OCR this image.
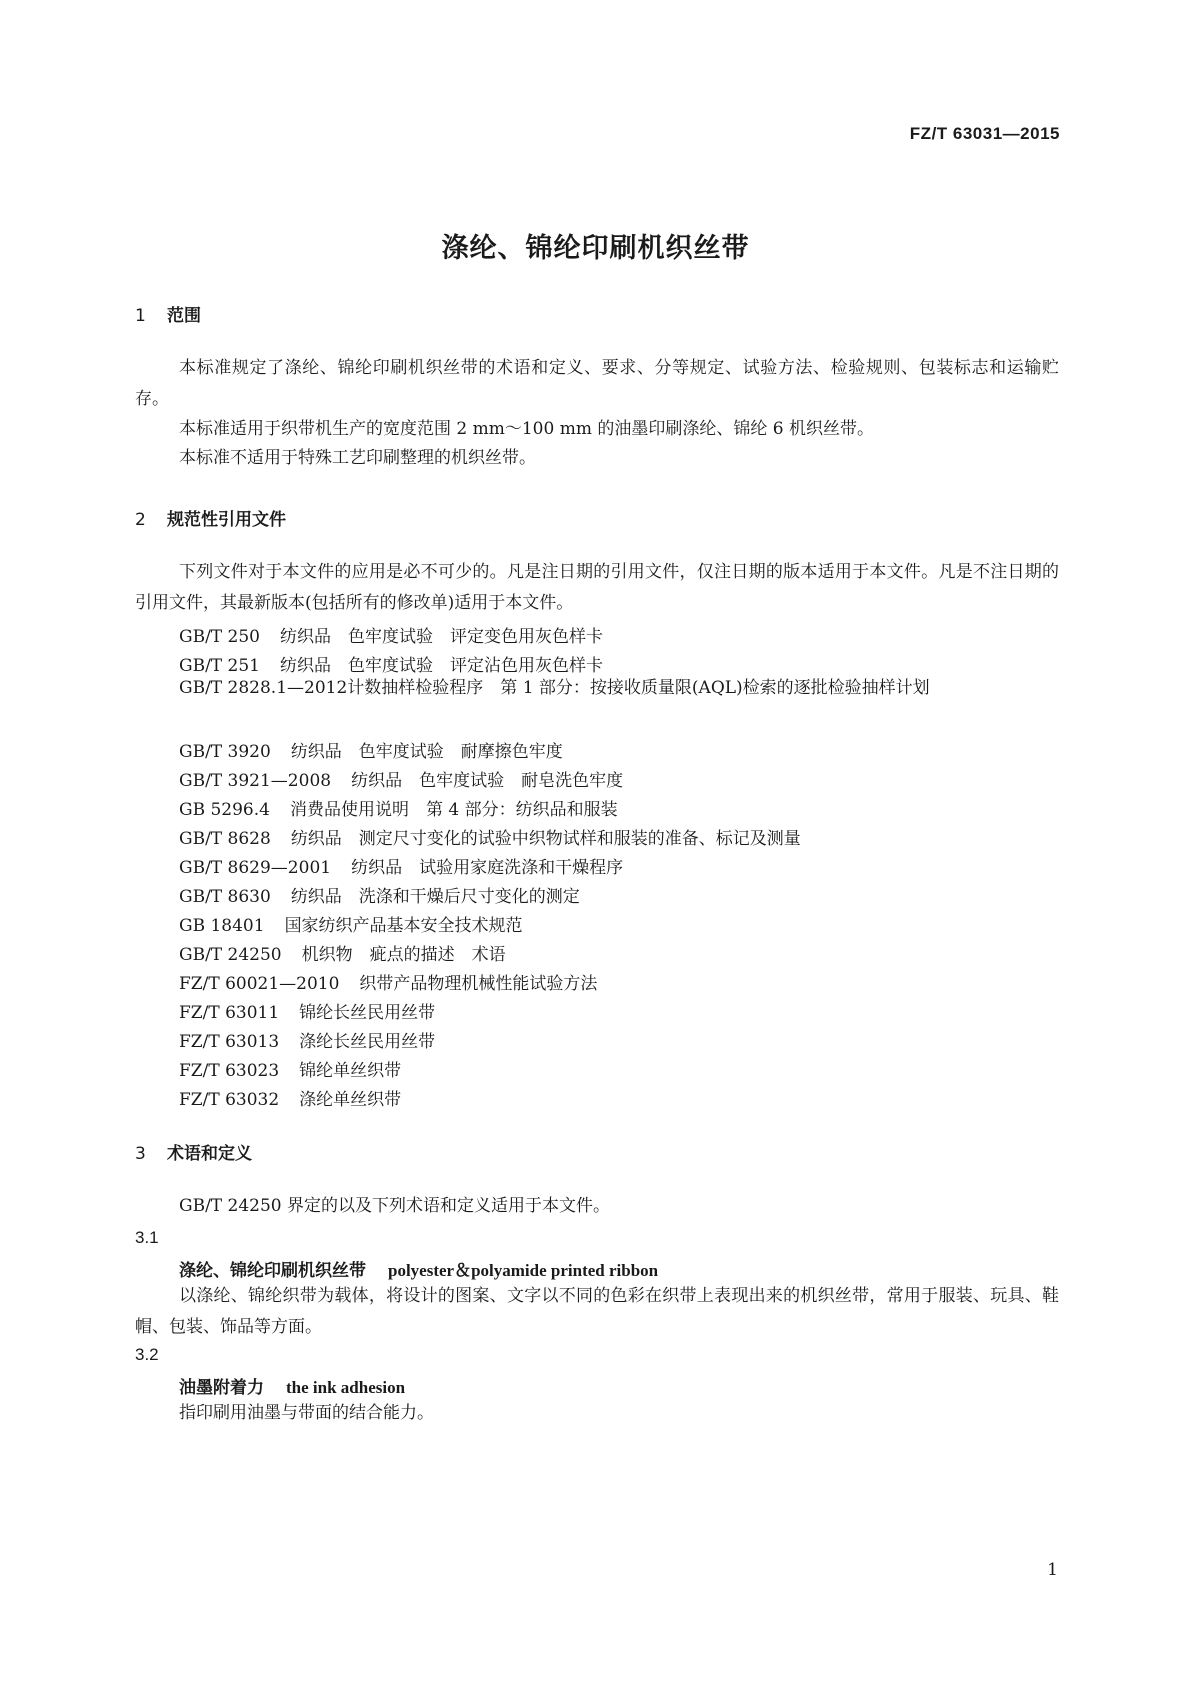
FZ/T 63031—2015
涤纶、锦纶印刷机织丝带
1 范围
本标准规定了涤纶、锦纶印刷机织丝带的术语和定义、要求、分等规定、试验方法、检验规则、包装标志和运输贮存。
本标准适用于织带机生产的宽度范围 2 mm～100 mm 的油墨印刷涤纶、锦纶 6 机织丝带。
本标准不适用于特殊工艺印刷整理的机织丝带。
2 规范性引用文件
下列文件对于本文件的应用是必不可少的。凡是注日期的引用文件，仅注日期的版本适用于本文件。凡是不注日期的引用文件，其最新版本(包括所有的修改单)适用于本文件。
GB/T 250 纺织品　色牢度试验　评定变色用灰色样卡
GB/T 251 纺织品　色牢度试验　评定沾色用灰色样卡
GB/T 2828.1—2012计数抽样检验程序　第 1 部分：按接收质量限(AQL)检索的逐批检验抽样计划
GB/T 3920 纺织品　色牢度试验　耐摩擦色牢度
GB/T 3921—2008 纺织品　色牢度试验　耐皂洗色牢度
GB 5296.4 消费品使用说明　第 4 部分：纺织品和服装
GB/T 8628 纺织品　测定尺寸变化的试验中织物试样和服装的准备、标记及测量
GB/T 8629—2001 纺织品　试验用家庭洗涤和干燥程序
GB/T 8630 纺织品　洗涤和干燥后尺寸变化的测定
GB 18401 国家纺织产品基本安全技术规范
GB/T 24250 机织物　疵点的描述　术语
FZ/T 60021—2010 织带产品物理机械性能试验方法
FZ/T 63011 锦纶长丝民用丝带
FZ/T 63013 涤纶长丝民用丝带
FZ/T 63023 锦纶单丝织带
FZ/T 63032 涤纶单丝织带
3 术语和定义
GB/T 24250 界定的以及下列术语和定义适用于本文件。
3.1
涤纶、锦纶印刷机织丝带 polyester＆polyamide printed ribbon
以涤纶、锦纶织带为载体，将设计的图案、文字以不同的色彩在织带上表现出来的机织丝带，常用于服装、玩具、鞋帽、包装、饰品等方面。
3.2
油墨附着力 the ink adhesion
指印刷用油墨与带面的结合能力。
1
